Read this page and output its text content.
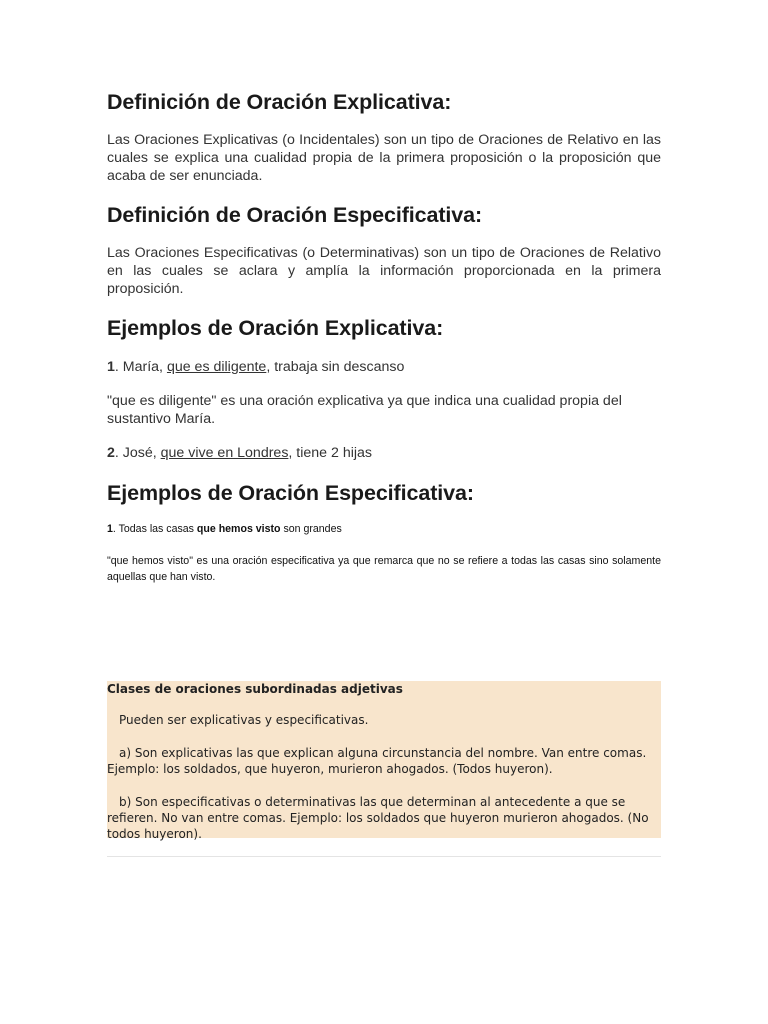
Definición de Oración Explicativa:

Las Oraciones Explicativas (o Incidentales) son un tipo de Oraciones de Relativo en las cuales se explica una cualidad propia de la primera proposición o la proposición que acaba de ser enunciada.

Definición de Oración Especificativa:

Las Oraciones Especificativas (o Determinativas) son un tipo de Oraciones de Relativo en las cuales se aclara y amplía la información proporcionada en la primera proposición.

Ejemplos de Oración Explicativa:

1. María, que es diligente, trabaja sin descanso

"que es diligente" es una oración explicativa ya que indica una cualidad propia del sustantivo María.

2. José, que vive en Londres, tiene 2 hijas

Ejemplos de Oración Especificativa:

1. Todas las casas que hemos visto son grandes

"que hemos visto" es una oración especificativa ya que remarca que no se refiere a todas las casas sino solamente aquellas que han visto.

Clases de oraciones subordinadas adjetivas

Pueden ser explicativas y especificativas.

a) Son explicativas las que explican alguna circunstancia del nombre. Van entre comas. Ejemplo: los soldados, que huyeron, murieron ahogados. (Todos huyeron).

b) Son especificativas o determinativas las que determinan al antecedente a que se refieren. No van entre comas. Ejemplo: los soldados que huyeron murieron ahogados. (No todos huyeron).
